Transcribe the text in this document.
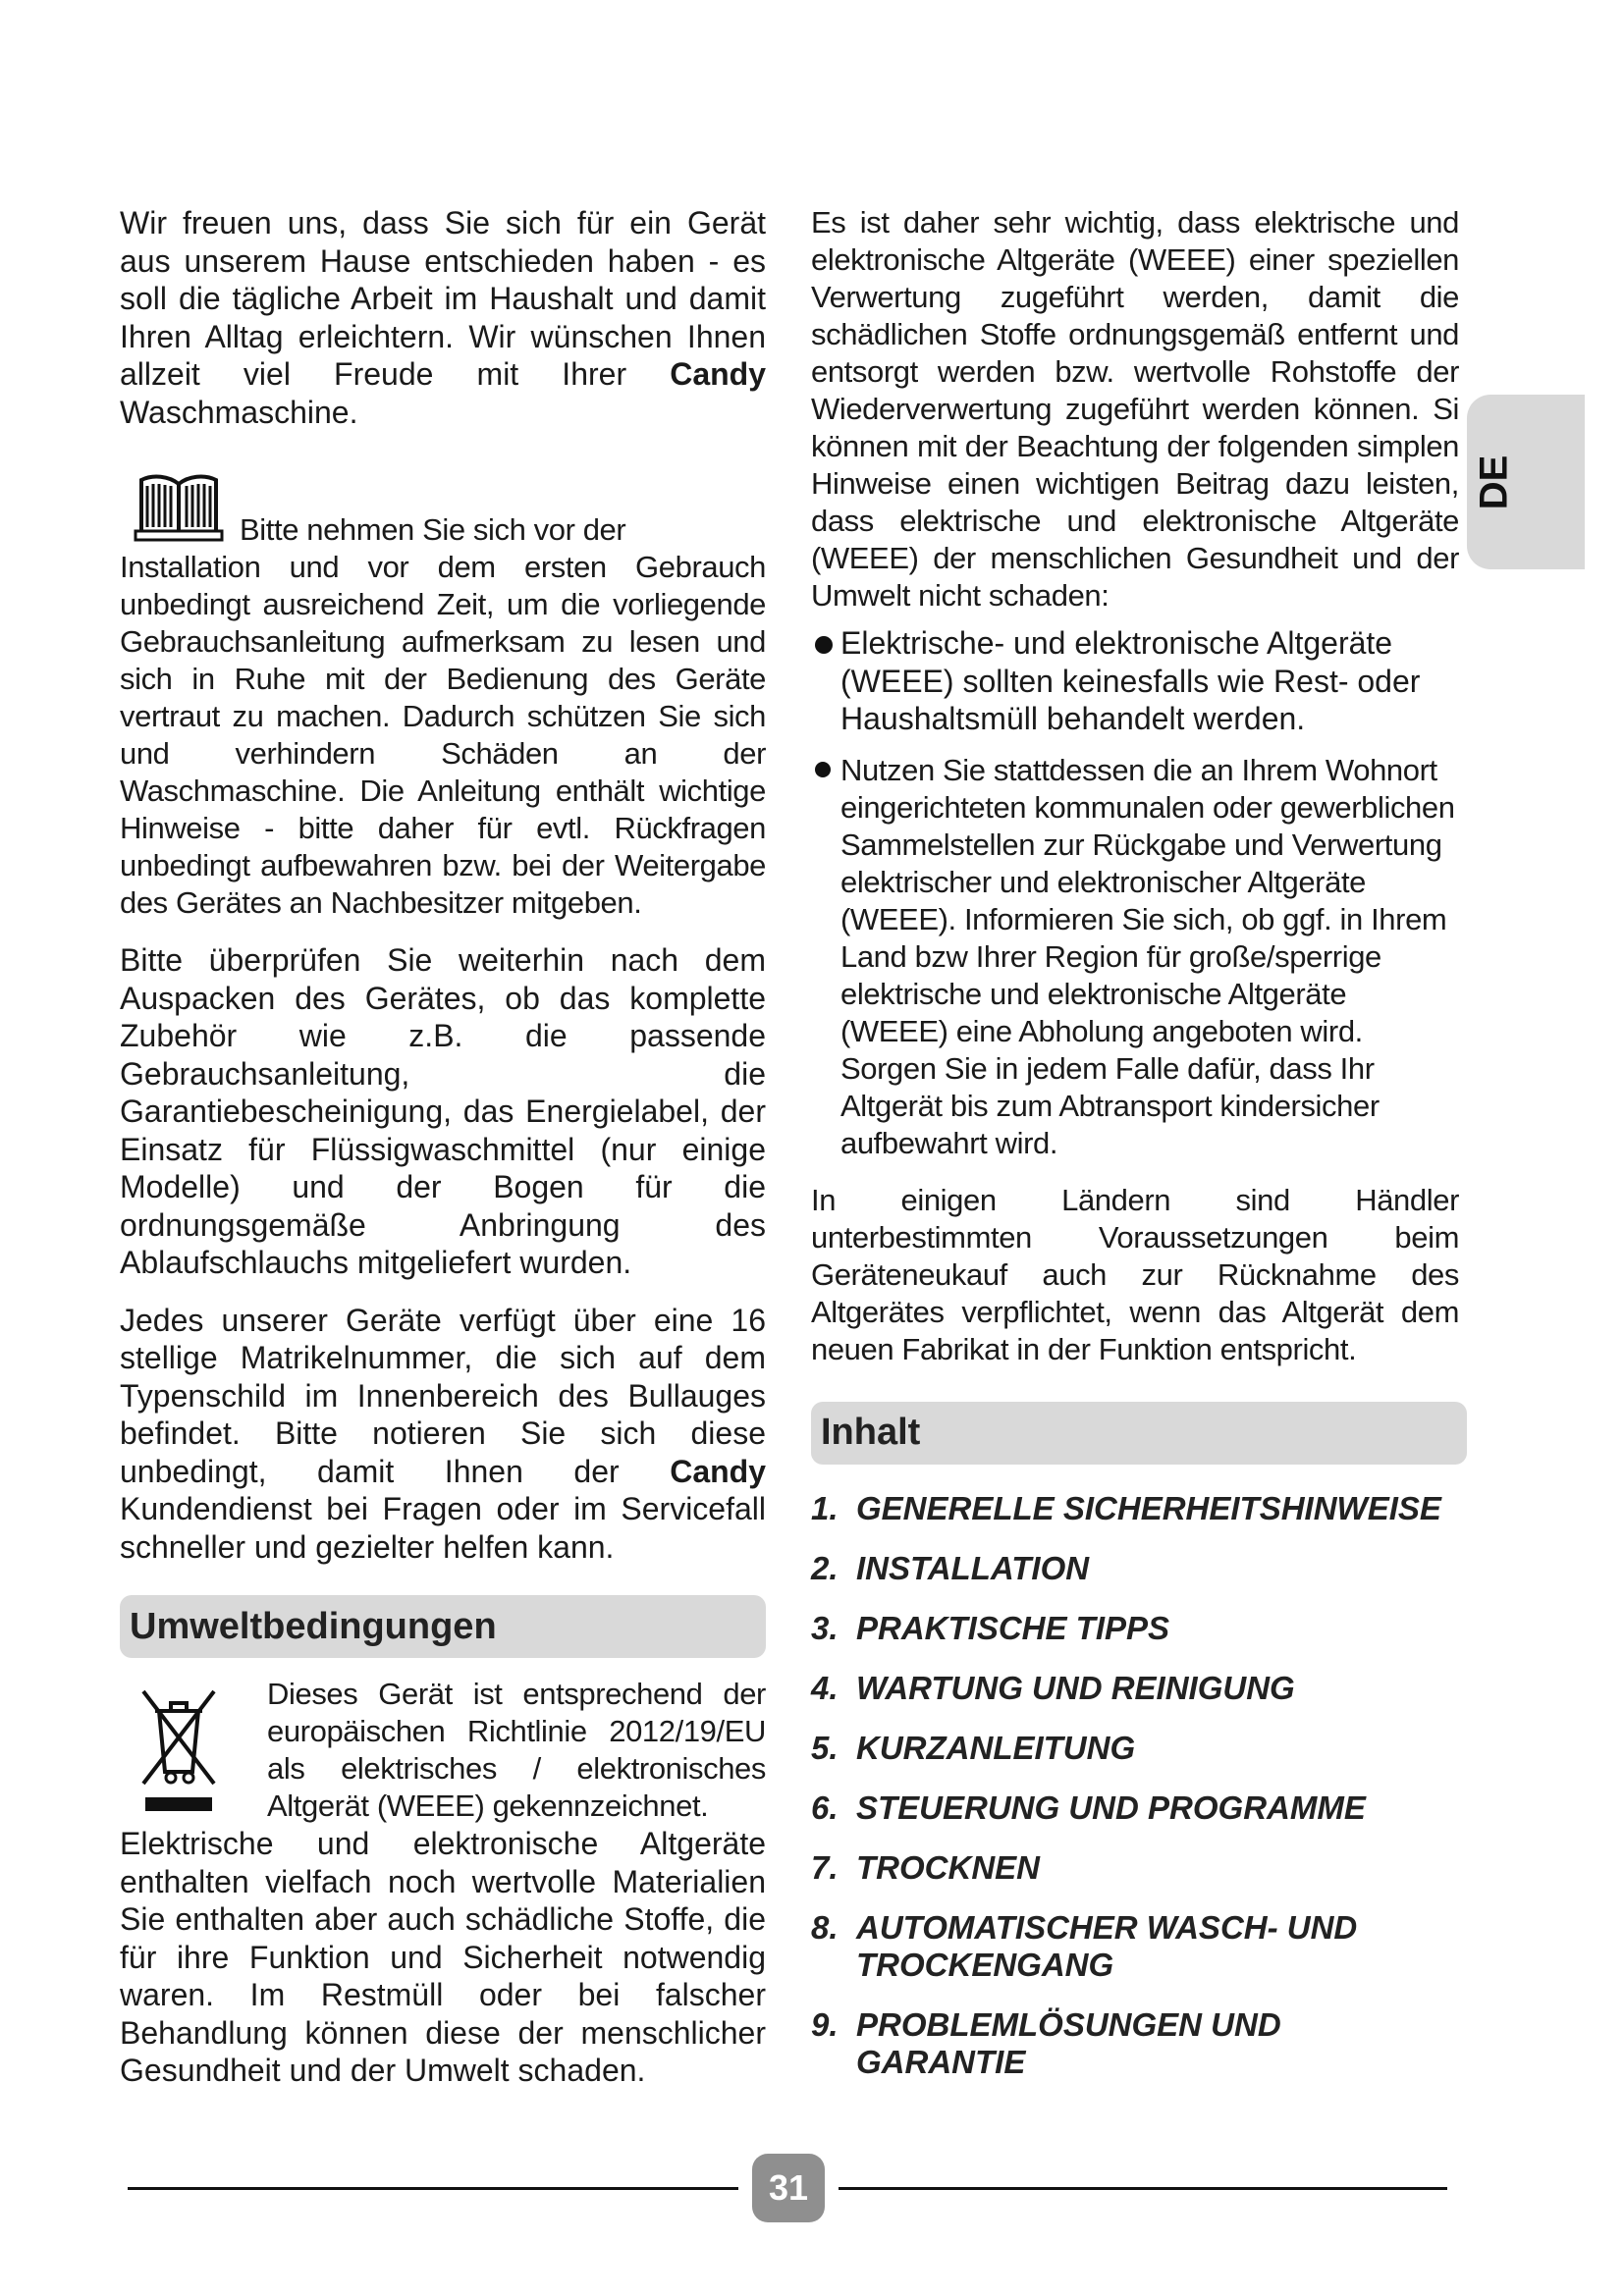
DE

Wir freuen uns, dass Sie sich für ein Gerät aus unserem Hause entschieden haben - es soll die tägliche Arbeit im Haushalt und damit Ihren Alltag erleichtern. Wir wünschen Ihnen allzeit viel Freude mit Ihrer Candy Waschmaschine.

Bitte nehmen Sie sich vor der

Installation und vor dem ersten Gebrauch unbedingt ausreichend Zeit, um die vorliegende Gebrauchsanleitung aufmerksam zu lesen und sich in Ruhe mit der Bedienung des Geräte vertraut zu machen. Dadurch schützen Sie sich und verhindern Schäden an der Waschmaschine. Die Anleitung enthält wichtige Hinweise - bitte daher für evtl. Rückfragen unbedingt aufbewahren bzw. bei der Weitergabe des Gerätes an Nachbesitzer mitgeben.

Bitte überprüfen Sie weiterhin nach dem Auspacken des Gerätes, ob das komplette Zubehör wie z.B. die passende Gebrauchsanleitung, die Garantiebescheinigung, das Energielabel, der Einsatz für Flüssigwaschmittel (nur einige Modelle) und der Bogen für die ordnungsgemäße Anbringung des Ablaufschlauchs mitgeliefert wurden.

Jedes unserer Geräte verfügt über eine 16 stellige Matrikelnummer, die sich auf dem Typenschild im Innenbereich des Bullauges befindet. Bitte notieren Sie sich diese unbedingt, damit Ihnen der Candy Kundendienst bei Fragen oder im Servicefall schneller und gezielter helfen kann.

Umweltbedingungen

Dieses Gerät ist entsprechend der europäischen Richtlinie 2012/19/EU als elektrisches / elektronisches Altgerät (WEEE) gekennzeichnet.

Elektrische und elektronische Altgeräte enthalten vielfach noch wertvolle Materialien Sie enthalten aber auch schädliche Stoffe, die für ihre Funktion und Sicherheit notwendig waren. Im Restmüll oder bei falscher Behandlung können diese der menschlicher Gesundheit und der Umwelt schaden.

Es ist daher sehr wichtig, dass elektrische und elektronische Altgeräte (WEEE) einer speziellen Verwertung zugeführt werden, damit die schädlichen Stoffe ordnungsgemäß entfernt und entsorgt werden bzw. wertvolle Rohstoffe der Wiederverwertung zugeführt werden können. Si können mit der Beachtung der folgenden simplen Hinweise einen wichtigen Beitrag dazu leisten, dass elektrische und elektronische Altgeräte (WEEE) der menschlichen Gesundheit und der Umwelt nicht schaden:

Elektrische- und elektronische Altgeräte (WEEE) sollten keinesfalls wie Rest- oder Haushaltsmüll behandelt werden.
Nutzen Sie stattdessen die an Ihrem Wohnort eingerichteten kommunalen oder gewerblichen Sammelstellen zur Rückgabe und Verwertung elektrischer und elektronischer Altgeräte (WEEE). Informieren Sie sich, ob ggf. in Ihrem Land bzw Ihrer Region für große/sperrige elektrische und elektronische Altgeräte (WEEE) eine Abholung angeboten wird. Sorgen Sie in jedem Falle dafür, dass Ihr Altgerät bis zum Abtransport kindersicher aufbewahrt wird.

In einigen Ländern sind Händler unterbestimmten Voraussetzungen beim Geräteneukauf auch zur Rücknahme des Altgerätes verpflichtet, wenn das Altgerät dem neuen Fabrikat in der Funktion entspricht.

Inhalt
1. GENERELLE SICHERHEITSHINWEISE
2. INSTALLATION
3. PRAKTISCHE TIPPS
4. WARTUNG UND REINIGUNG
5. KURZANLEITUNG
6. STEUERUNG UND PROGRAMME
7. TROCKNEN
8. AUTOMATISCHER WASCH- UND TROCKENGANG
9. PROBLEMLÖSUNGEN UND GARANTIE
31
